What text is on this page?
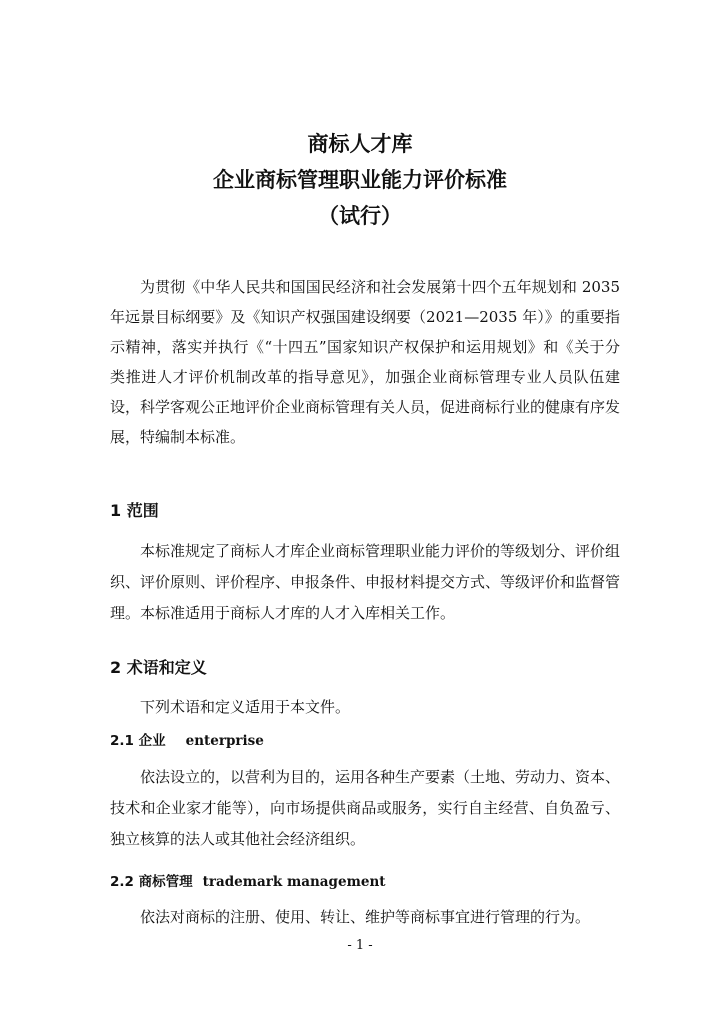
商标人才库
企业商标管理职业能力评价标准
（试行）

为贯彻《中华人民共和国国民经济和社会发展第十四个五年规划和 2035 年远景目标纲要》及《知识产权强国建设纲要（2021—2035 年）》的重要指示精神，落实并执行《“十四五”国家知识产权保护和运用规划》和《关于分类推进人才评价机制改革的指导意见》，加强企业商标管理专业人员队伍建设，科学客观公正地评价企业商标管理有关人员，促进商标行业的健康有序发展，特编制本标准。

1 范围

本标准规定了商标人才库企业商标管理职业能力评价的等级划分、评价组织、评价原则、评价程序、申报条件、申报材料提交方式、等级评价和监督管理。 本标准适用于商标人才库的人才入库相关工作。

2 术语和定义

下列术语和定义适用于本文件。

2.1 企业 enterprise

依法设立的，以营利为目的，运用各种生产要素（土地、劳动力、资本、技术和企业家才能等），向市场提供商品或服务，实行自主经营、自负盈亏、独立核算的法人或其他社会经济组织。

2.2 商标管理 trademark management

依法对商标的注册、使用、转让、维护等商标事宜进行管理的行为。

- 1 -
